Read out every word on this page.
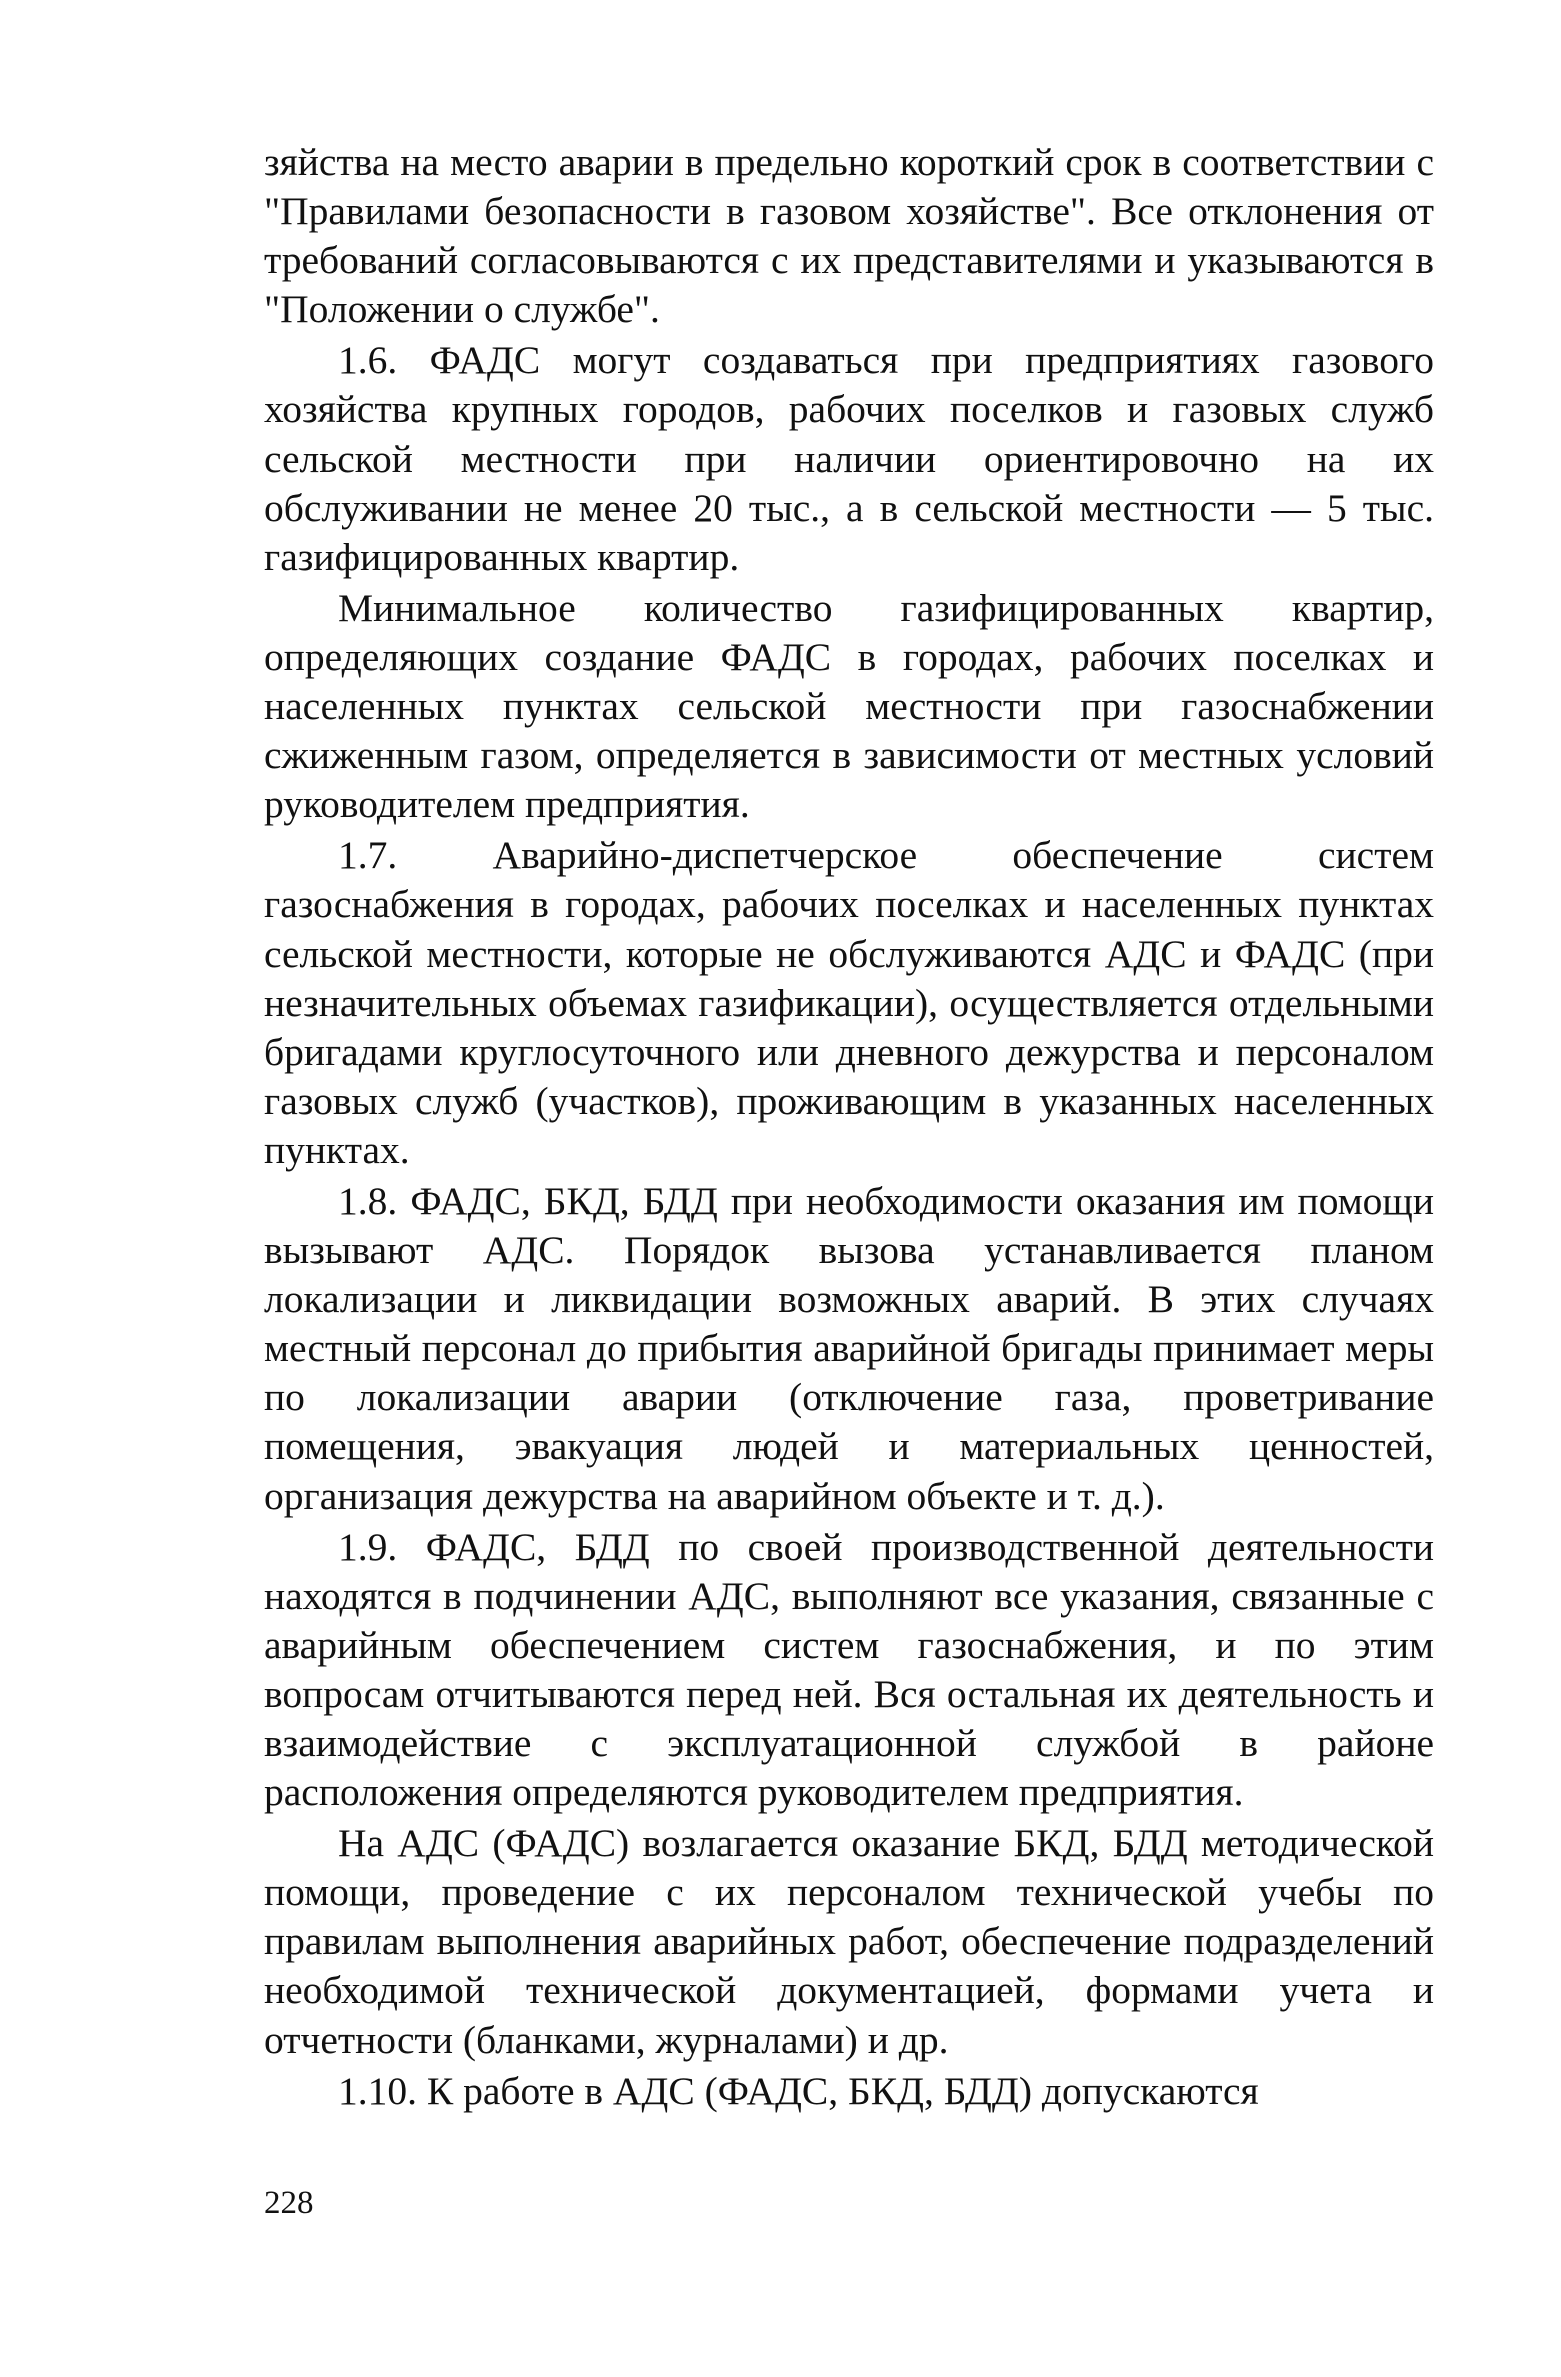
зяйства на место аварии в предельно короткий срок в соответствии с "Правилами безопасности в газовом хозяйстве". Все отклонения от требований согласовываются с их представителями и указываются в "Положении о службе".

1.6. ФАДС могут создаваться при предприятиях газового хозяйства крупных городов, рабочих поселков и газовых служб сельской местности при наличии ориентировочно на их обслуживании не менее 20 тыс., а в сельской местности — 5 тыс. газифицированных квартир.

Минимальное количество газифицированных квартир, определяющих создание ФАДС в городах, рабочих поселках и населенных пунктах сельской местности при газоснабжении сжиженным газом, определяется в зависимости от местных условий руководителем предприятия.

1.7. Аварийно-диспетчерское обеспечение систем газоснабжения в городах, рабочих поселках и населенных пунктах сельской местности, которые не обслуживаются АДС и ФАДС (при незначительных объемах газификации), осуществляется отдельными бригадами круглосуточного или дневного дежурства и персоналом газовых служб (участков), проживающим в указанных населенных пунктах.

1.8. ФАДС, БКД, БДД при необходимости оказания им помощи вызывают АДС. Порядок вызова устанавливается планом локализации и ликвидации возможных аварий. В этих случаях местный персонал до прибытия аварийной бригады принимает меры по локализации аварии (отключение газа, проветривание помещения, эвакуация людей и материальных ценностей, организация дежурства на аварийном объекте и т. д.).

1.9. ФАДС, БДД по своей производственной деятельности находятся в подчинении АДС, выполняют все указания, связанные с аварийным обеспечением систем газоснабжения, и по этим вопросам отчитываются перед ней. Вся остальная их деятельность и взаимодействие с эксплуатационной службой в районе расположения определяются руководителем предприятия.

На АДС (ФАДС) возлагается оказание БКД, БДД методической помощи, проведение с их персоналом технической учебы по правилам выполнения аварийных работ, обеспечение подразделений необходимой технической документацией, формами учета и отчетности (бланками, журналами) и др.

1.10. К работе в АДС (ФАДС, БКД, БДД) допускаются

228
